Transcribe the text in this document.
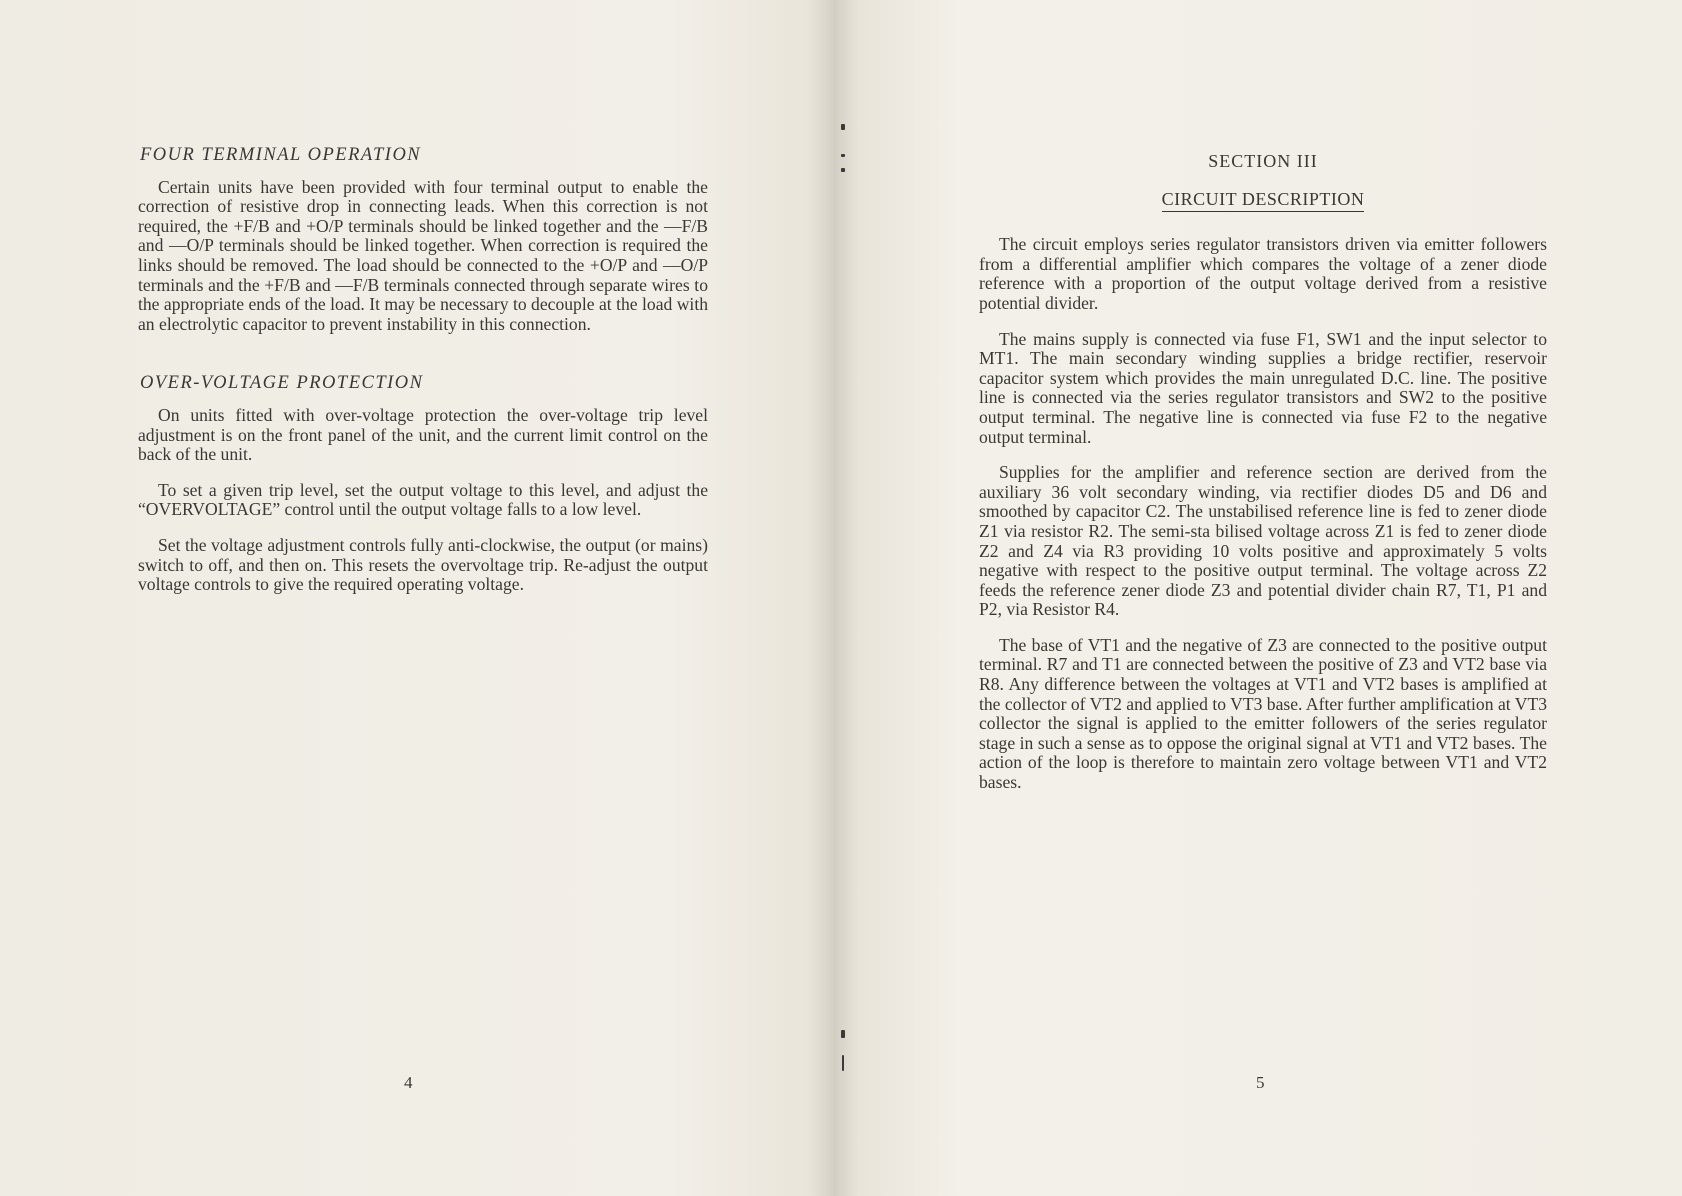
FOUR TERMINAL OPERATION

Certain units have been provided with four terminal output to enable the correction of resistive drop in connecting leads. When this correction is not required, the +F/B and +O/P terminals should be linked together and the —F/B and —O/P terminals should be linked together. When correction is required the links should be removed. The load should be connected to the +O/P and —O/P terminals and the +F/B and —F/B terminals connected through separate wires to the appropriate ends of the load. It may be necessary to decouple at the load with an electrolytic capacitor to prevent instability in this connection.

OVER-VOLTAGE PROTECTION

On units fitted with over-voltage protection the over-voltage trip level adjustment is on the front panel of the unit, and the current limit control on the back of the unit.

To set a given trip level, set the output voltage to this level, and adjust the “OVERVOLTAGE” control until the output voltage falls to a low level.

Set the voltage adjustment controls fully anti-clockwise, the output (or mains) switch to off, and then on. This resets the overvoltage trip. Re-adjust the output voltage controls to give the required operating voltage.

4
SECTION III
CIRCUIT DESCRIPTION

The circuit employs series regulator transistors driven via emitter followers from a differential amplifier which compares the voltage of a zener diode reference with a proportion of the output voltage derived from a resistive potential divider.

The mains supply is connected via fuse F1, SW1 and the input selector to MT1. The main secondary winding supplies a bridge rectifier, reservoir capacitor system which provides the main unregulated D.C. line. The positive line is connected via the series regulator transistors and SW2 to the positive output terminal. The negative line is connected via fuse F2 to the negative output terminal.

Supplies for the amplifier and reference section are derived from the auxiliary 36 volt secondary winding, via rectifier diodes D5 and D6 and smoothed by capacitor C2. The unstabilised reference line is fed to zener diode Z1 via resistor R2. The semi-sta bilised voltage across Z1 is fed to zener diode Z2 and Z4 via R3 providing 10 volts positive and approximately 5 volts negative with respect to the positive output terminal. The voltage across Z2 feeds the reference zener diode Z3 and potential divider chain R7, T1, P1 and P2, via Resistor R4.

The base of VT1 and the negative of Z3 are connected to the positive output terminal. R7 and T1 are connected between the positive of Z3 and VT2 base via R8. Any difference between the voltages at VT1 and VT2 bases is amplified at the collector of VT2 and applied to VT3 base. After further amplification at VT3 collector the signal is applied to the emitter followers of the series regulator stage in such a sense as to oppose the original signal at VT1 and VT2 bases. The action of the loop is therefore to maintain zero voltage between VT1 and VT2 bases.

5
